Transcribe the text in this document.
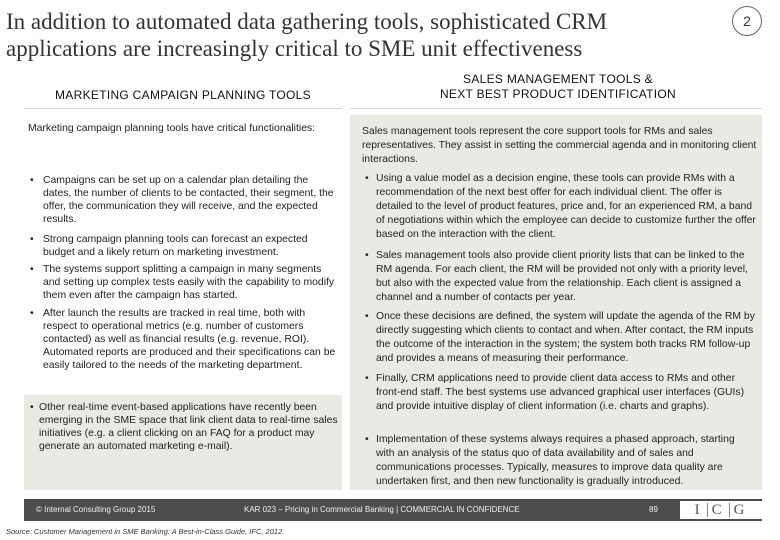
In addition to automated data gathering tools, sophisticated CRM applications are increasingly critical to SME unit effectiveness
2
MARKETING CAMPAIGN PLANNING TOOLS
SALES MANAGEMENT TOOLS &
NEXT BEST PRODUCT IDENTIFICATION
Marketing campaign planning tools have critical functionalities:
• Campaigns can be set up on a calendar plan detailing the dates, the number of clients to be contacted, their segment, the offer, the communication they will receive, and the expected results.
• Strong campaign planning tools can forecast an expected budget and a likely return on marketing investment.
• The systems support splitting a campaign in many segments and setting up complex tests easily with the capability to modify them even after the campaign has started.
• After launch the results are tracked in real time, both with respect to operational metrics (e.g. number of customers contacted) as well as financial results (e.g. revenue, ROI). Automated reports are produced and their specifications can be easily tailored to the needs of the marketing department.
• Other real-time event-based applications have recently been emerging in the SME space that link client data to real-time sales initiatives (e.g. a client clicking on an FAQ for a product may generate an automated marketing e-mail).
Sales management tools represent the core support tools for RMs and sales representatives. They assist in setting the commercial agenda and in monitoring client interactions.
• Using a value model as a decision engine, these tools can provide RMs with a recommendation of the next best offer for each individual client. The offer is detailed to the level of product features, price and, for an experienced RM, a band of negotiations within which the employee can decide to customize further the offer based on the interaction with the client.
• Sales management tools also provide client priority lists that can be linked to the RM agenda. For each client, the RM will be provided not only with a priority level, but also with the expected value from the relationship. Each client is assigned a channel and a number of contacts per year.
• Once these decisions are defined, the system will update the agenda of the RM by directly suggesting which clients to contact and when. After contact, the RM inputs the outcome of the interaction in the system; the system both tracks RM follow-up and provides a means of measuring their performance.
• Finally, CRM applications need to provide client data access to RMs and other front-end staff. The best systems use advanced graphical user interfaces (GUIs) and provide intuitive display of client information (i.e. charts and graphs).
• Implementation of these systems always requires a phased approach, starting with an analysis of the status quo of data availability and of sales and communications processes. Typically, measures to improve data quality are undertaken first, and then new functionality is gradually introduced.
© Internal Consulting Group 2015	KAR 023 – Pricing in Commercial Banking | COMMERCIAL IN CONFIDENCE	89 I C G
Source: Customer Management in SME Banking: A Best-in-Class Guide, IFC, 2012.
